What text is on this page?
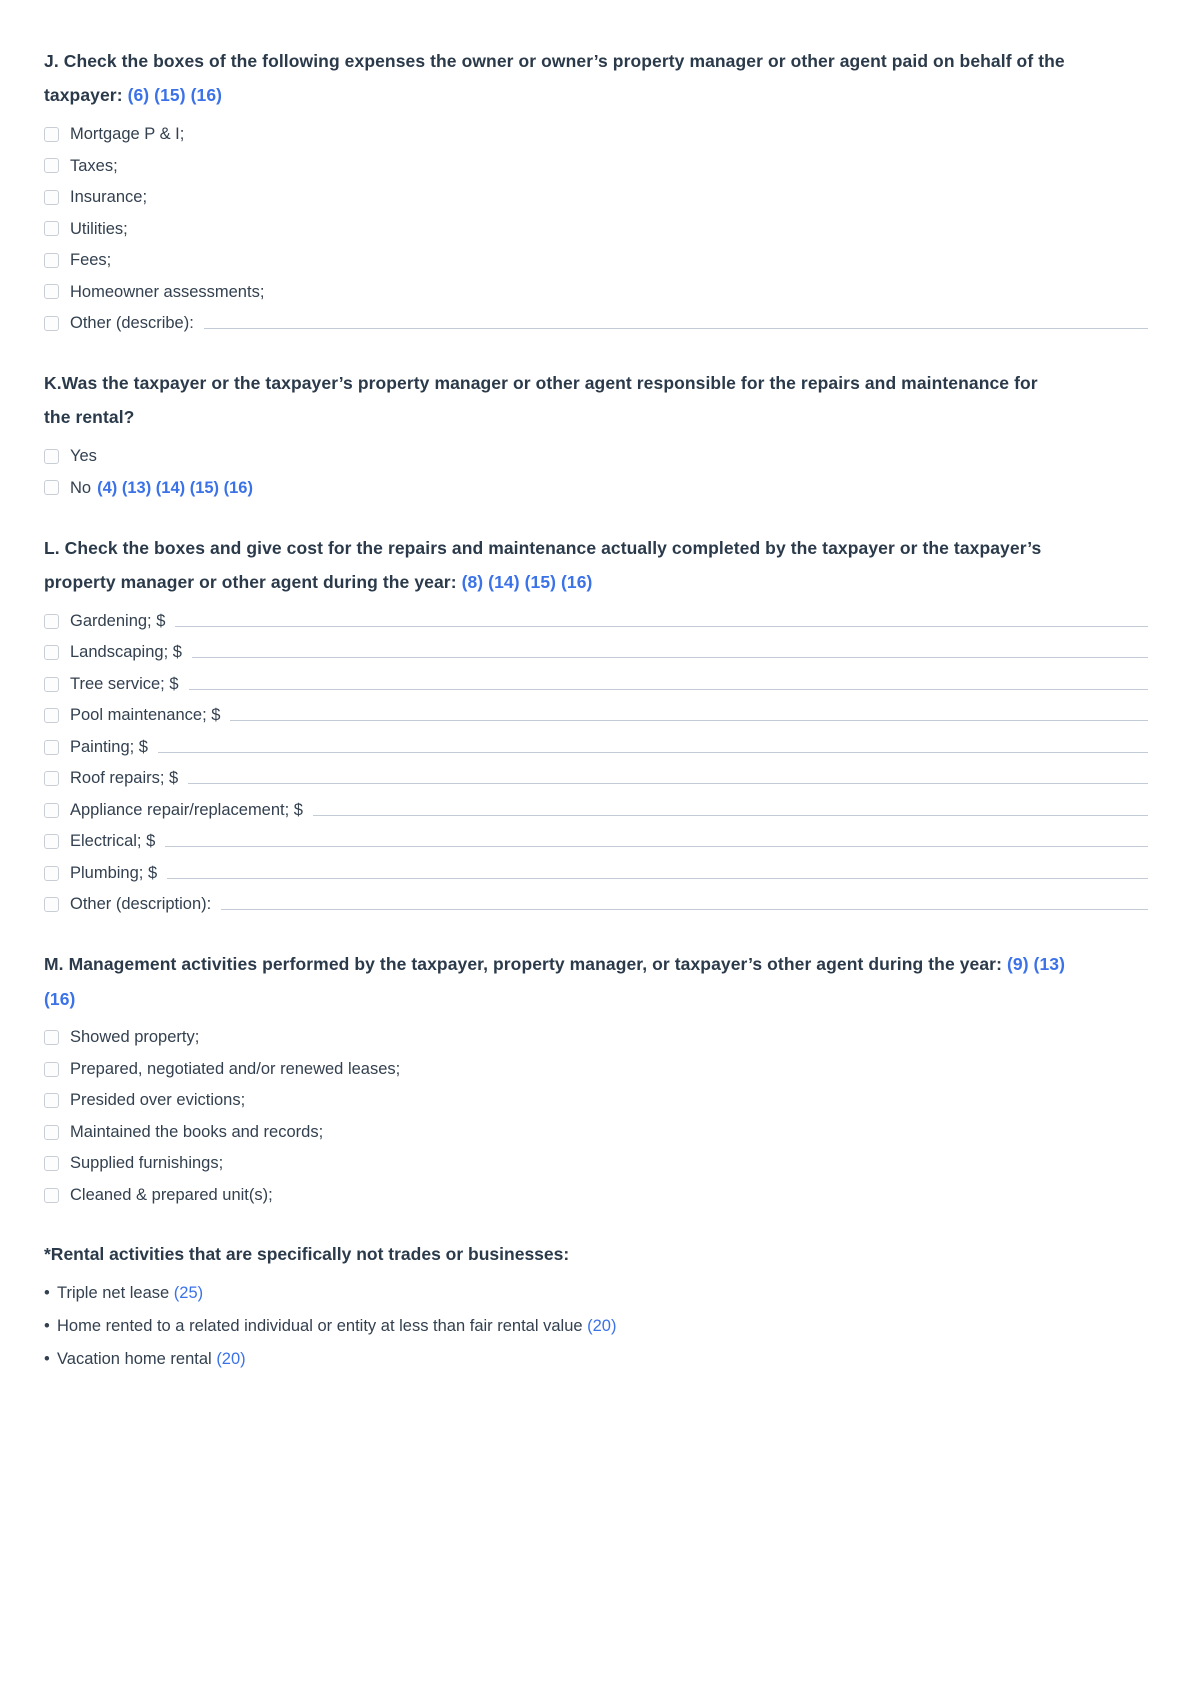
J. Check the boxes of the following expenses the owner or owner’s property manager or other agent paid on behalf of the taxpayer: (6) (15) (16)

Mortgage P & I;
Taxes;
Insurance;
Utilities;
Fees;
Homeowner assessments;
Other (describe):

K.Was the taxpayer or the taxpayer’s property manager or other agent responsible for the repairs and maintenance for the rental?

Yes
No (4) (13) (14) (15) (16)

L. Check the boxes and give cost for the repairs and maintenance actually completed by the taxpayer or the taxpayer’s property manager or other agent during the year: (8) (14) (15) (16)

Gardening; $
Landscaping; $
Tree service; $
Pool maintenance; $
Painting; $
Roof repairs; $
Appliance repair/replacement; $
Electrical; $
Plumbing; $
Other (description):

M. Management activities performed by the taxpayer, property manager, or taxpayer’s other agent during the year: (9) (13) (16)

Showed property;
Prepared, negotiated and/or renewed leases;
Presided over evictions;
Maintained the books and records;
Supplied furnishings;
Cleaned & prepared unit(s);

*Rental activities that are specifically not trades or businesses:

• Triple net lease (25)
• Home rented to a related individual or entity at less than fair rental value (20)
• Vacation home rental (20)
